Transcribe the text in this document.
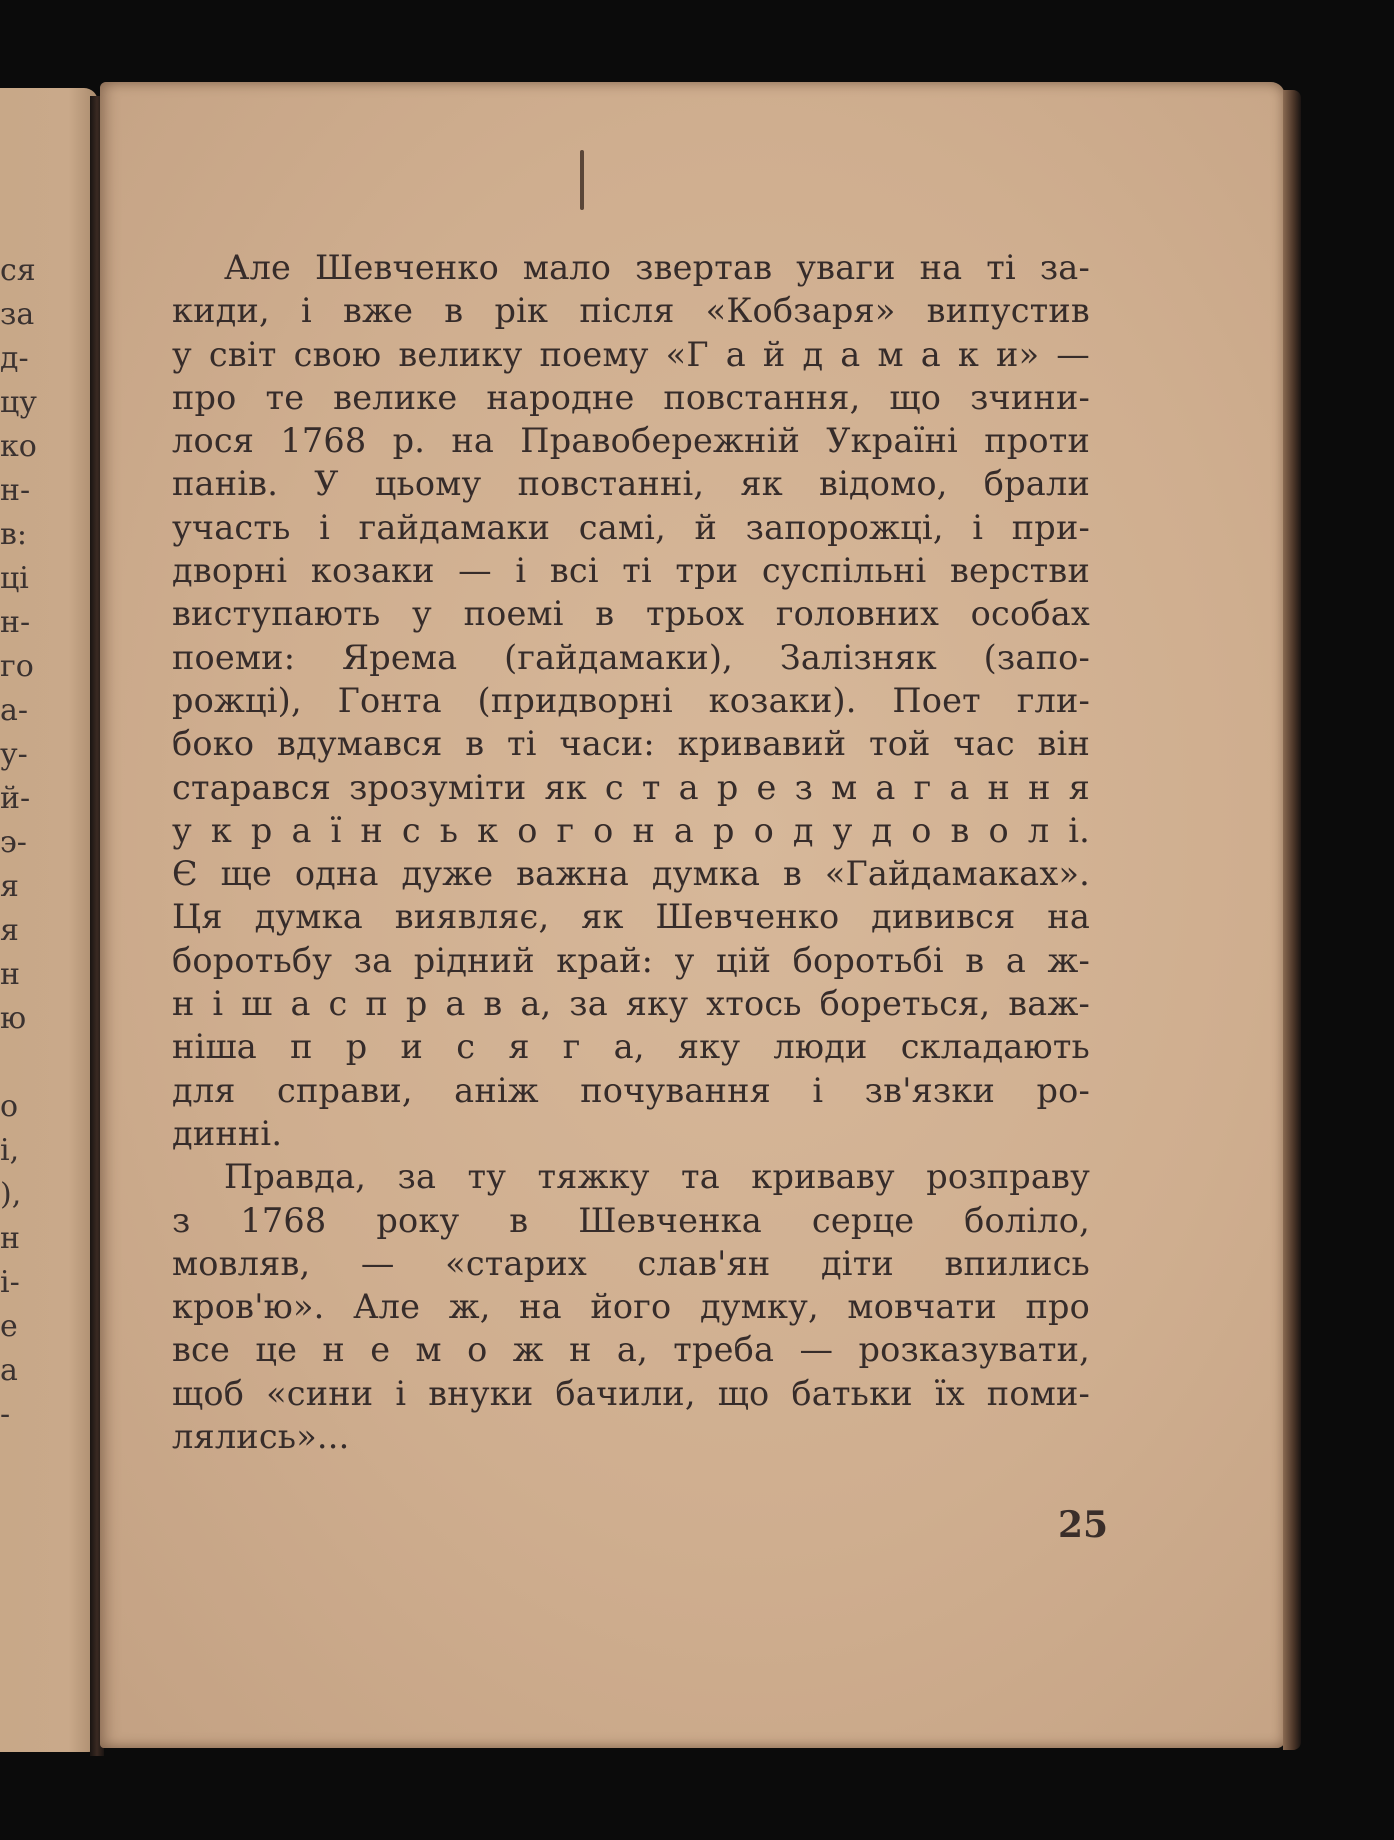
ся
за
д-
цу
ко
н-
в:
ці
н-
го
а-
у-
й-
э-
я
я
н
ю
о
і,
),
н
і-
е
а
-
Але Шевченко мало звертав уваги на ті за-
киди, і вже в рік після «Кобзаря» випустив
у світ свою велику поему «Г а й д а м а к и» —
про те велике народне повстання, що зчини-
лося 1768 р. на Правобережній Україні проти
панів. У цьому повстанні, як відомо, брали
участь і гайдамаки самі, й запорожці, і при-
дворні козаки — і всі ті три суспільні верстви
виступають у поемі в трьох головних особах
поеми: Ярема (гайдамаки), Залізняк (запо-
рожці), Гонта (придворні козаки). Поет гли-
боко вдумався в ті часи: кривавий той час він
старався зрозуміти як с т а р е з м а г а н н я
у к р а ї н с ь к о г о н а р о д у д о в о л і.
Є ще одна дуже важна думка в «Гайдамаках».
Ця думка виявляє, як Шевченко дивився на
боротьбу за рідний край: у цій боротьбі в а ж-
н і ш а с п р а в а, за яку хтось бореться, важ-
ніша п р и с я г а, яку люди складають
для справи, аніж почування і зв'язки ро-
динні.
Правда, за ту тяжку та криваву розправу
з 1768 року в Шевченка серце боліло,
мовляв, — «старих слав'ян діти впились
кров'ю». Але ж, на його думку, мовчати про
все це н е м о ж н а, треба — розказувати,
щоб «сини і внуки бачили, що батьки їх поми-
лялись»...
25
